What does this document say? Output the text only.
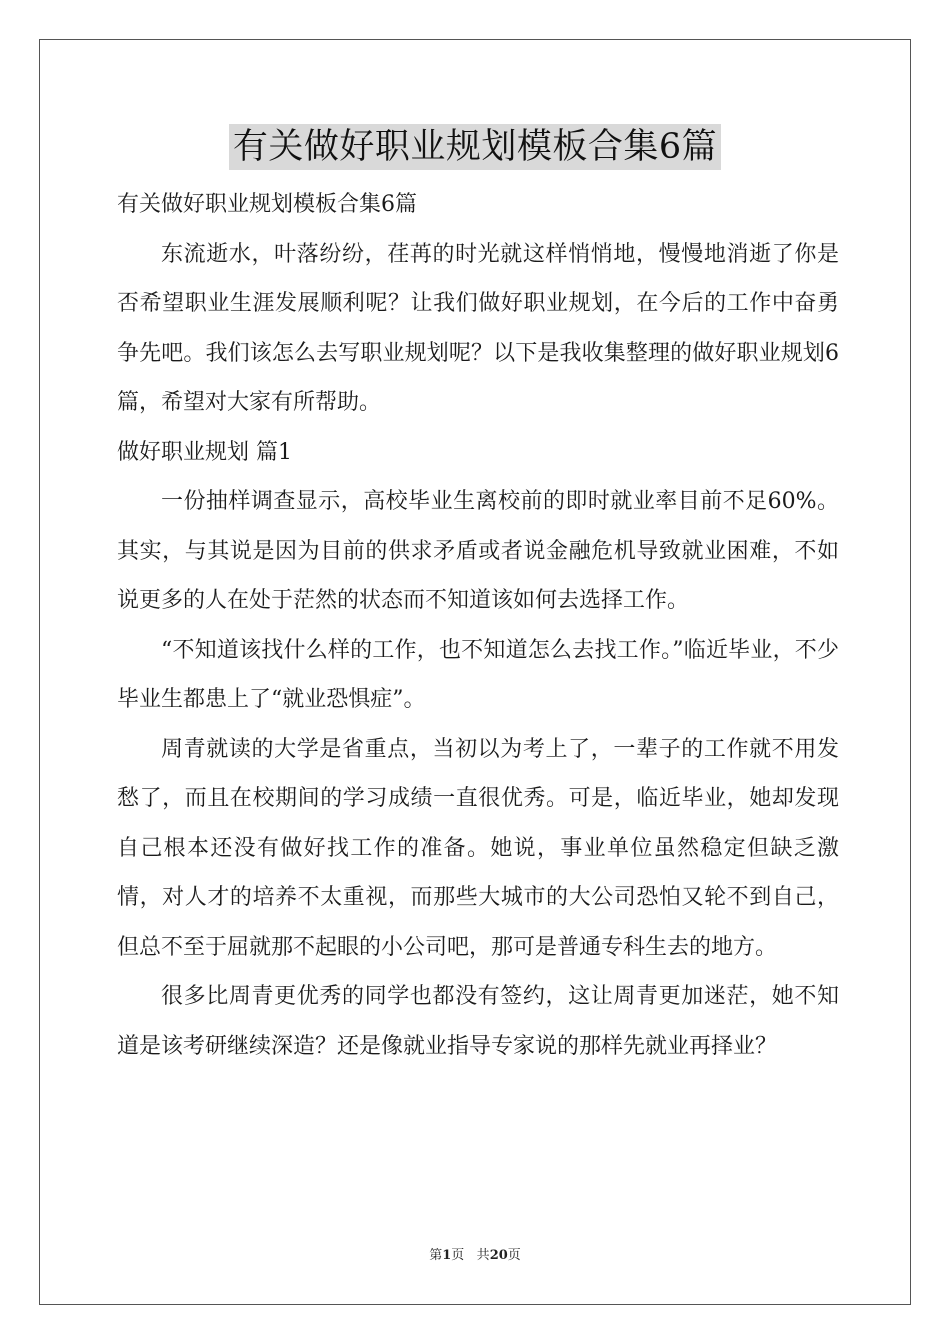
有关做好职业规划模板合集6篇

有关做好职业规划模板合集6篇

东流逝水，叶落纷纷，荏苒的时光就这样悄悄地，慢慢地消逝了你是否希望职业生涯发展顺利呢？让我们做好职业规划，在今后的工作中奋勇争先吧。我们该怎么去写职业规划呢？以下是我收集整理的做好职业规划6篇，希望对大家有所帮助。

做好职业规划 篇1

一份抽样调查显示，高校毕业生离校前的即时就业率目前不足60%。其实，与其说是因为目前的供求矛盾或者说金融危机导致就业困难，不如说更多的人在处于茫然的状态而不知道该如何去选择工作。

“不知道该找什么样的工作，也不知道怎么去找工作。”临近毕业，不少毕业生都患上了“就业恐惧症”。

周青就读的大学是省重点，当初以为考上了，一辈子的工作就不用发愁了，而且在校期间的学习成绩一直很优秀。可是，临近毕业，她却发现自己根本还没有做好找工作的准备。她说，事业单位虽然稳定但缺乏激情，对人才的培养不太重视，而那些大城市的大公司恐怕又轮不到自己，但总不至于屈就那不起眼的小公司吧，那可是普通专科生去的地方。

很多比周青更优秀的同学也都没有签约，这让周青更加迷茫，她不知道是该考研继续深造？还是像就业指导专家说的那样先就业再择业？

第1页 共20页
